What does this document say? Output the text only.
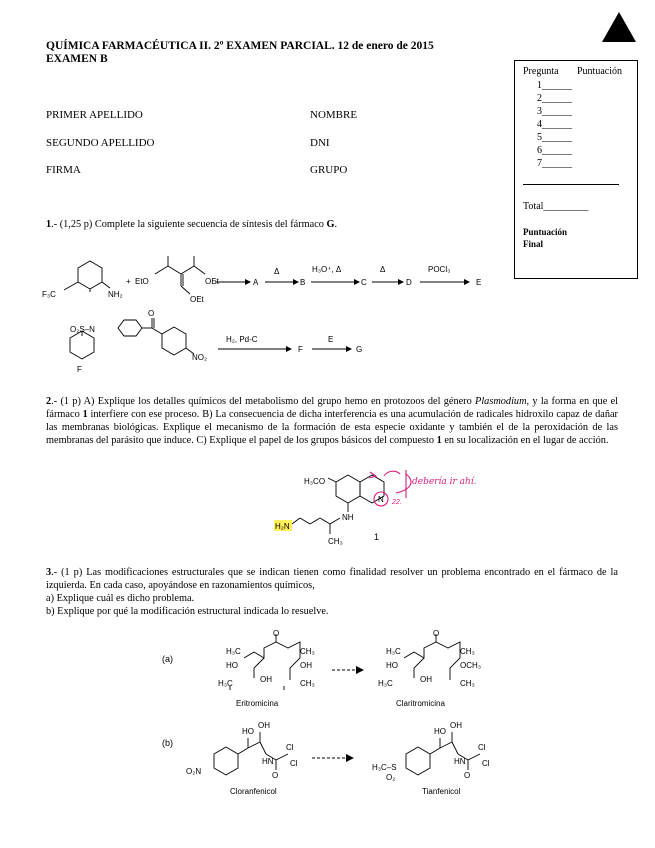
QUÍMICA FARMACÉUTICA II. 2º EXAMEN PARCIAL. 12 de enero de 2015
EXAMEN B
PRIMER APELLIDO	NOMBRE
SEGUNDO APELLIDO	DNI
FIRMA	GRUPO
Pregunta Puntuación
1______
2______
3______
4______
5______
6______
7______
Total_________
Puntuación
Final
1.- (1,25 p) Complete la siguiente secuencia de síntesis del fármaco G.
F₃C	NH₂
+ EtO	OEt
OEt
A
Δ
B
H₃O⁺, Δ
C
Δ
D
POCl₃
E
O₂S–N
F
O
NO₂
H₂, Pd-C
F
E
G
2.- (1 p) A) Explique los detalles químicos del metabolismo del grupo hemo en protozoos del género Plasmodium, y la forma en que el fármaco 1 interfiere con ese proceso. B) La consecuencia de dicha interferencia es una acumulación de radicales hidroxilo capaz de dañar las membranas biológicas. Explique el mecanismo de la formación de esta especie oxidante y también el de la peroxidación de las membranas del parásito que induce. C) Explique el papel de los grupos básicos del compuesto 1 en su localización en el lugar de acción.
H₃CO
NH
N
CH₃
H₂N
1
22.
debería ir ahí.
3.- (1 p) Las modificaciones estructurales que se indican tienen como finalidad resolver un problema encontrado en el fármaco de la izquierda. En cada caso, apoyándose en razonamientos químicos,
a) Explique cuál es dicho problema.
b) Explique por qué la modificación estructural indicada lo resuelve.
(a)
(b)
H₃C
O
CH₃
HO	OH
H₃C	OH	CH₃
Eritromicina
H₃C
O
CH₃
HO	OCH₃
H₃C	OH	CH₃
Claritromicina
O₂N
HO
OH
HN
O
Cl
Cl
Cloranfenicol
H₃C–S
O₂
HO
OH
HN
O
Cl
Cl
Tianfenicol
